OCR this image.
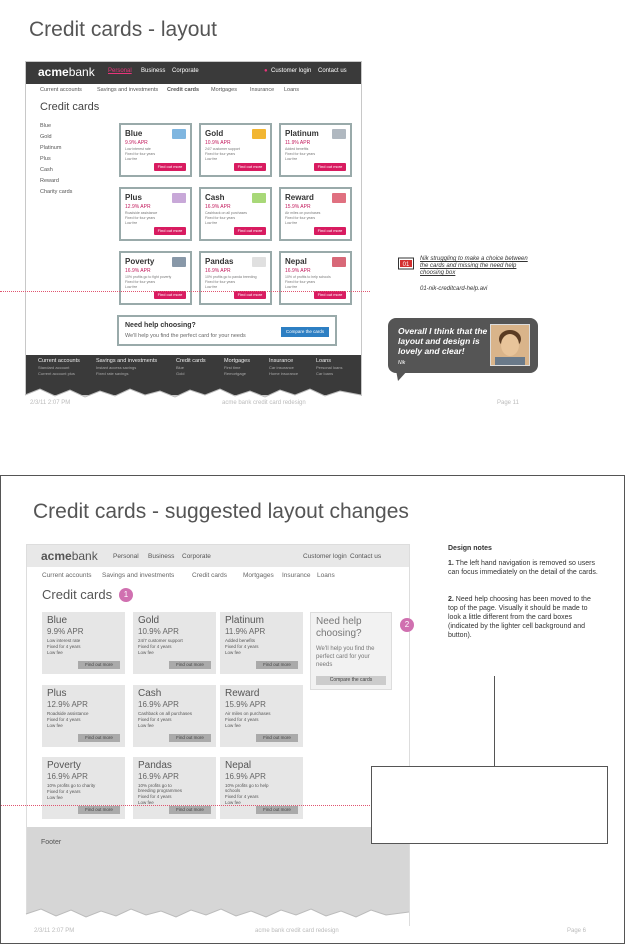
Credit cards - layout
acmebank Personal Business Corporate	● Customer login Contact us
Current accounts	Savings and investments Credit cards Mortgages Insurance Loans
Credit cards
Blue
Gold
Platinum
Plus
Cash
Reward
Charity cards
Blue
9.9% APR
Low interest rate
Fixed for four years
Low fee
Find out more
Gold
10.9% APR
24/7 customer support
Fixed for four years
Low fee
Find out more
Platinum
11.9% APR
Added benefits
Fixed for four years
Low fee
Find out more
Plus
12.9% APR
Roadside assistance
Fixed for four years
Low fee
Find out more
Cash
16.9% APR
Cashback on all purchases
Fixed for four years
Low fee
Find out more
Reward
15.9% APR
Air miles on purchases
Fixed for four years
Low fee
Find out more
Poverty
16.9% APR
10% profits go to fight poverty
Fixed for four years
Low fee
Find out more
Pandas
16.9% APR
10% profits go to panda breeding
Fixed for four years
Low fee
Find out more
Nepal
16.9% APR
10% of profits to help schools
Fixed for four years
Low fee
Find out more
Need help choosing?
We'll help you find the perfect card for your needs
Compare the cards
Current accounts
Standard account
Current account plus
Savings and investments
Instant access savings
Fixed rate savings
Credit cards
Blue
Gold
Mortgages
First time
Remortgage
Insurance
Car insurance
Home insurance
Loans
Personal loans
Car loans
01
Nik struggling to make a choice between the cards and missing the need help choosing box
01-nik-creditcard-help.avi
Overall I think that the layout and design is lovely and clear!
Nik
2/3/11 2:07 PM	acme bank credit card redesign	Page 11
Credit cards - suggested layout changes
acmebank Personal Business Corporate	Customer login Contact us
Current accounts Savings and investments	Credit cards Mortgages Insurance Loans
Credit cards
Blue
9.9% APR
Low interest rate
Fixed for 4 years
Low fee
Find out more
Gold
10.9% APR
24/7 customer support
Fixed for 4 years
Low fee
Find out more
Platinum
11.9% APR
Added benefits
Fixed for 4 years
Low fee
Find out more
Plus
12.9% APR
Roadside assistance
Fixed for 4 years
Low fee
Find out more
Cash
16.9% APR
Cashback on all purchases
Fixed for 4 years
Low fee
Find out more
Reward
15.9% APR
Air miles on purchases
Fixed for 4 years
Low fee
Find out more
Poverty
16.9% APR
10% profits go to charity
Fixed for 4 years
Low fee
Find out more
Pandas
16.9% APR
10% profits go to breeding programmes
Fixed for 4 years
Low fee
Find out more
Nepal
16.9% APR
10% profits go to help schools
Fixed for 4 years
Low fee
Find out more
Need help choosing?
We'll help you find the perfect card for your needs
Compare the cards
Footer
1
2
Design notes

1. The left hand navigation is removed so users can focus immediately on the detail of the cards.

2. Need help choosing has been moved to the top of the page. Visually it should be made to look a little different from the card boxes (indicated by the lighter cell background and button).

2/3/11 2:07 PM	acme bank credit card redesign	Page 6
